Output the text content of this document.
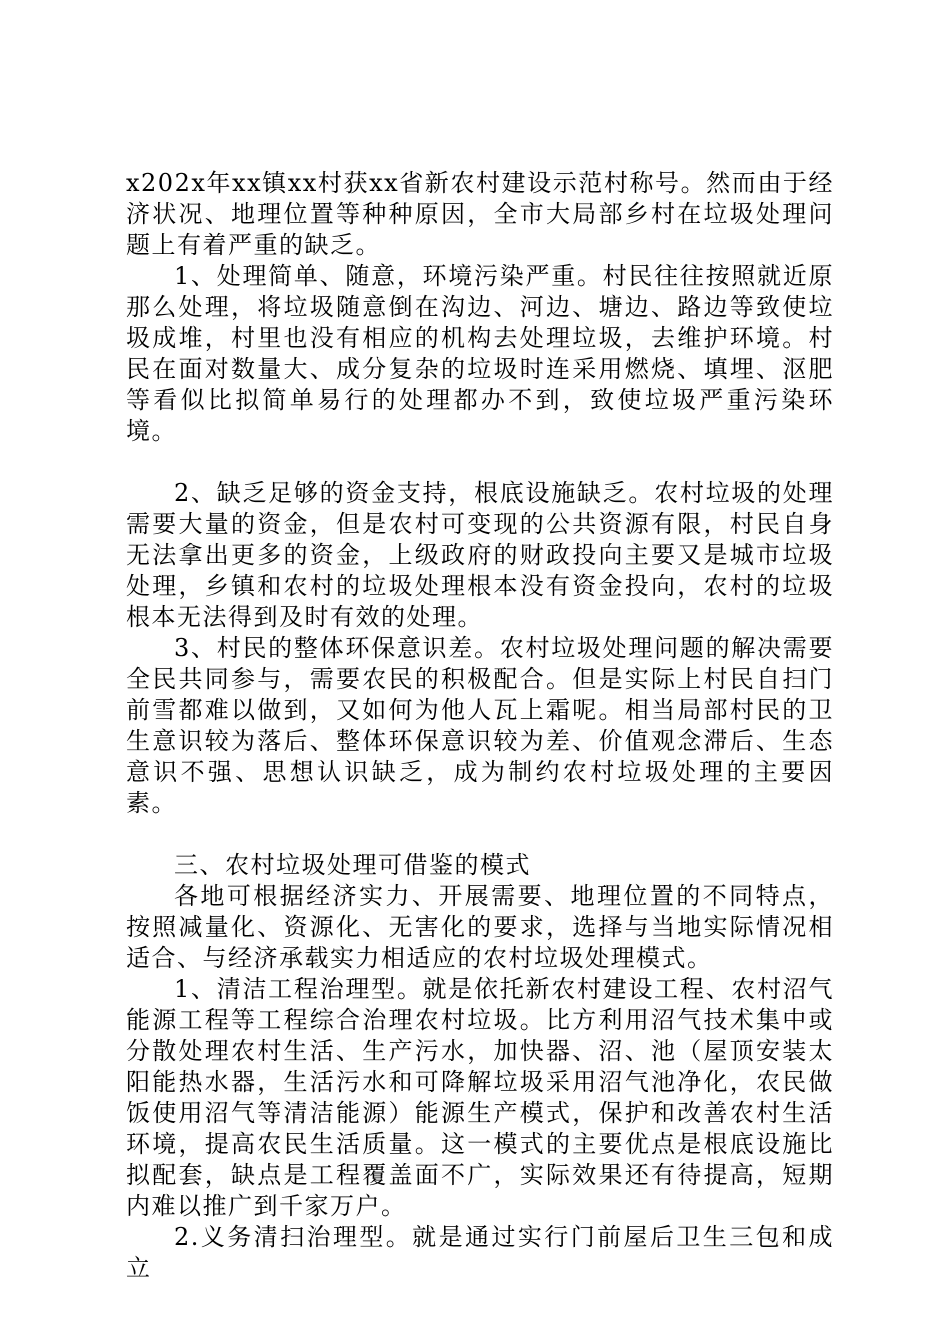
x202x年xx镇xx村获xx省新农村建设示范村称号。然而由于经济状况、地理位置等种种原因，全市大局部乡村在垃圾处理问题上有着严重的缺乏。

1、处理简单、随意，环境污染严重。村民往往按照就近原那么处理，将垃圾随意倒在沟边、河边、塘边、路边等致使垃圾成堆，村里也没有相应的机构去处理垃圾，去维护环境。村民在面对数量大、成分复杂的垃圾时连采用燃烧、填埋、沤肥等看似比拟简单易行的处理都办不到，致使垃圾严重污染环境。

2、缺乏足够的资金支持，根底设施缺乏。农村垃圾的处理需要大量的资金，但是农村可变现的公共资源有限，村民自身无法拿出更多的资金，上级政府的财政投向主要又是城市垃圾处理，乡镇和农村的垃圾处理根本没有资金投向，农村的垃圾根本无法得到及时有效的处理。

3、村民的整体环保意识差。农村垃圾处理问题的解决需要全民共同参与，需要农民的积极配合。但是实际上村民自扫门前雪都难以做到，又如何为他人瓦上霜呢。相当局部村民的卫生意识较为落后、整体环保意识较为差、价值观念滞后、生态意识不强、思想认识缺乏，成为制约农村垃圾处理的主要因素。

三、农村垃圾处理可借鉴的模式

各地可根据经济实力、开展需要、地理位置的不同特点，按照减量化、资源化、无害化的要求，选择与当地实际情况相适合、与经济承载实力相适应的农村垃圾处理模式。

1、清洁工程治理型。就是依托新农村建设工程、农村沼气能源工程等工程综合治理农村垃圾。比方利用沼气技术集中或分散处理农村生活、生产污水，加快器、沼、池（屋顶安装太阳能热水器，生活污水和可降解垃圾采用沼气池净化，农民做饭使用沼气等清洁能源）能源生产模式，保护和改善农村生活环境，提高农民生活质量。这一模式的主要优点是根底设施比拟配套，缺点是工程覆盖面不广，实际效果还有待提高，短期内难以推广到千家万户。

2.义务清扫治理型。就是通过实行门前屋后卫生三包和成立
